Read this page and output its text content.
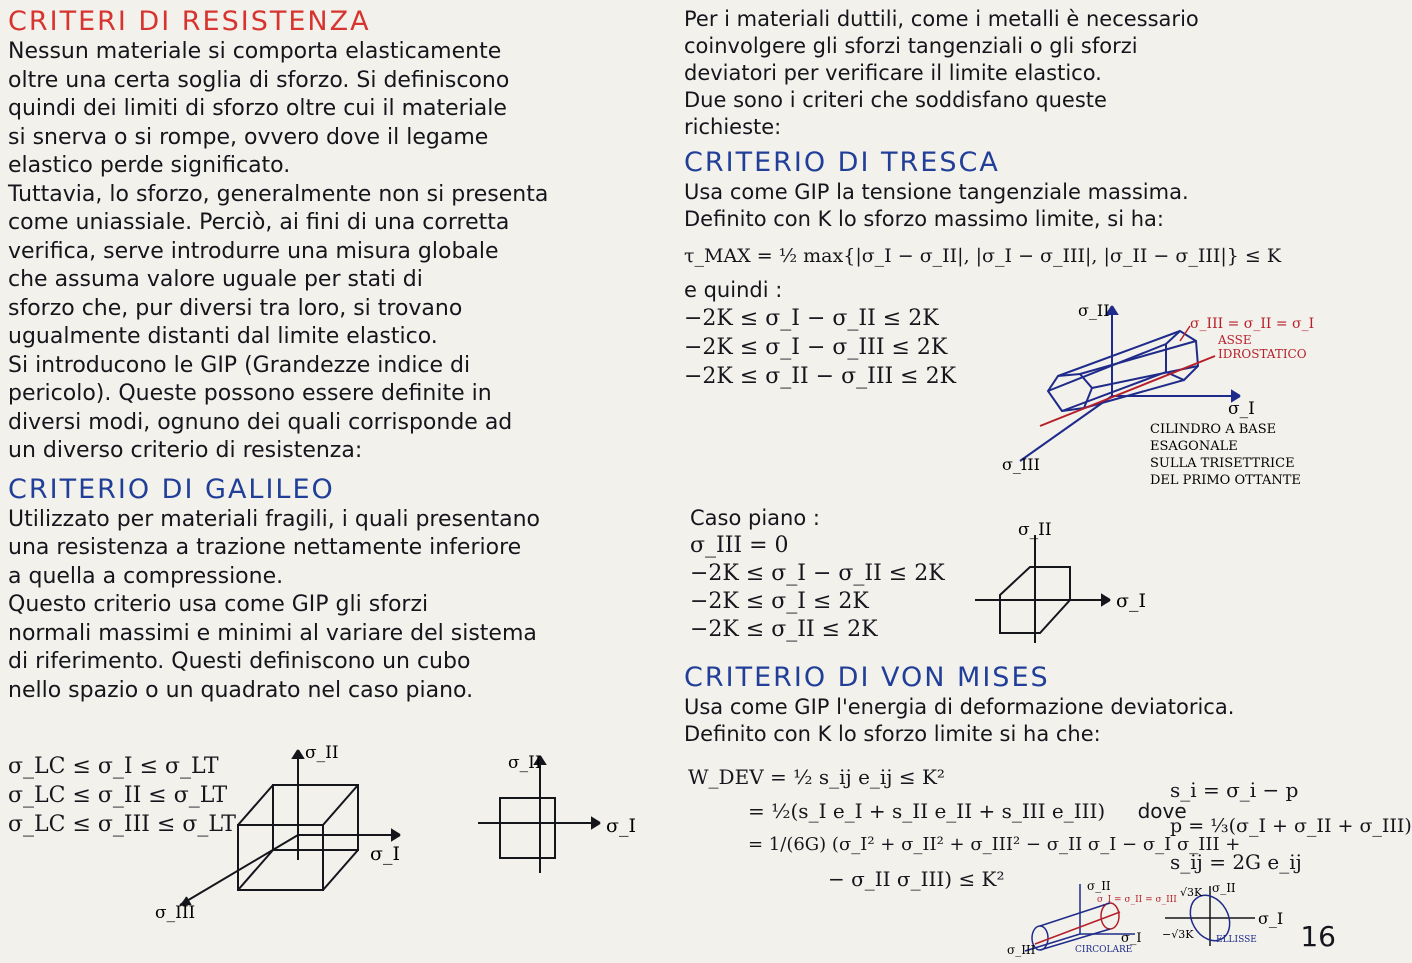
CRITERI DI RESISTENZA

Nessun materiale si comporta elasticamente

oltre una certa soglia di sforzo. Si definiscono

quindi dei limiti di sforzo oltre cui il materiale

si snerva o si rompe, ovvero dove il legame

elastico perde significato.

Tuttavia, lo sforzo, generalmente non si presenta

come uniassiale. Perciò, ai fini di una corretta

verifica, serve introdurre una misura globale

che assuma valore uguale per stati di

sforzo che, pur diversi tra loro, si trovano

ugualmente distanti dal limite elastico.

Si introducono le GIP (Grandezze indice di

pericolo). Queste possono essere definite in

diversi modi, ognuno dei quali corrisponde ad

un diverso criterio di resistenza:

CRITERIO DI GALILEO

Utilizzato per materiali fragili, i quali presentano

una resistenza a trazione nettamente inferiore

a quella a compressione.

Questo criterio usa come GIP gli sforzi

normali massimi e minimi al variare del sistema

di riferimento. Questi definiscono un cubo

nello spazio o un quadrato nel caso piano.

σ_LC ≤ σ_I ≤ σ_LT

σ_LC ≤ σ_II ≤ σ_LT

σ_LC ≤ σ_III ≤ σ_LT

σ_II
σ_I
σ_III
σ_II
σ_I

Per i materiali duttili, come i metalli è necessario

coinvolgere gli sforzi tangenziali o gli sforzi

deviatori per verificare il limite elastico.

Due sono i criteri che soddisfano queste

richieste:

CRITERIO DI TRESCA

Usa come GIP la tensione tangenziale massima.

Definito con K lo sforzo massimo limite, si ha:

τ_MAX = ½ max{|σ_I − σ_II|, |σ_I − σ_III|, |σ_II − σ_III|} ≤ K

e quindi :

−2K ≤ σ_I − σ_II ≤ 2K

−2K ≤ σ_I − σ_III ≤ 2K

−2K ≤ σ_II − σ_III ≤ 2K

σ_III = σ_II = σ_I
ASSE
IDROSTATICO
σ_II
σ_I
σ_III
CILINDRO A BASE
ESAGONALE
SULLA TRISETTRICE
DEL PRIMO OTTANTE

Caso piano :

σ_III = 0

−2K ≤ σ_I − σ_II ≤ 2K

−2K ≤ σ_I ≤ 2K

−2K ≤ σ_II ≤ 2K

σ_II
σ_I
CRITERIO DI VON MISES

Usa come GIP l'energia di deformazione deviatorica.

Definito con K lo sforzo limite si ha che:

W_DEV = ½ s_ij e_ij ≤ K²

= ½(s_I e_I + s_II e_II + s_III e_III) dove

= 1/(6G) (σ_I² + σ_II² + σ_III² − σ_II σ_I − σ_I σ_III +

− σ_II σ_III) ≤ K²

s_i = σ_i − p

p = ⅓(σ_I + σ_II + σ_III)

s_ij = 2G e_ij

σ_II
σ_I = σ_II = σ_III
σ_I
σ_III	CIRCOLARE
√3K σ_II
−√3K	ELLISSE
σ_I
16
